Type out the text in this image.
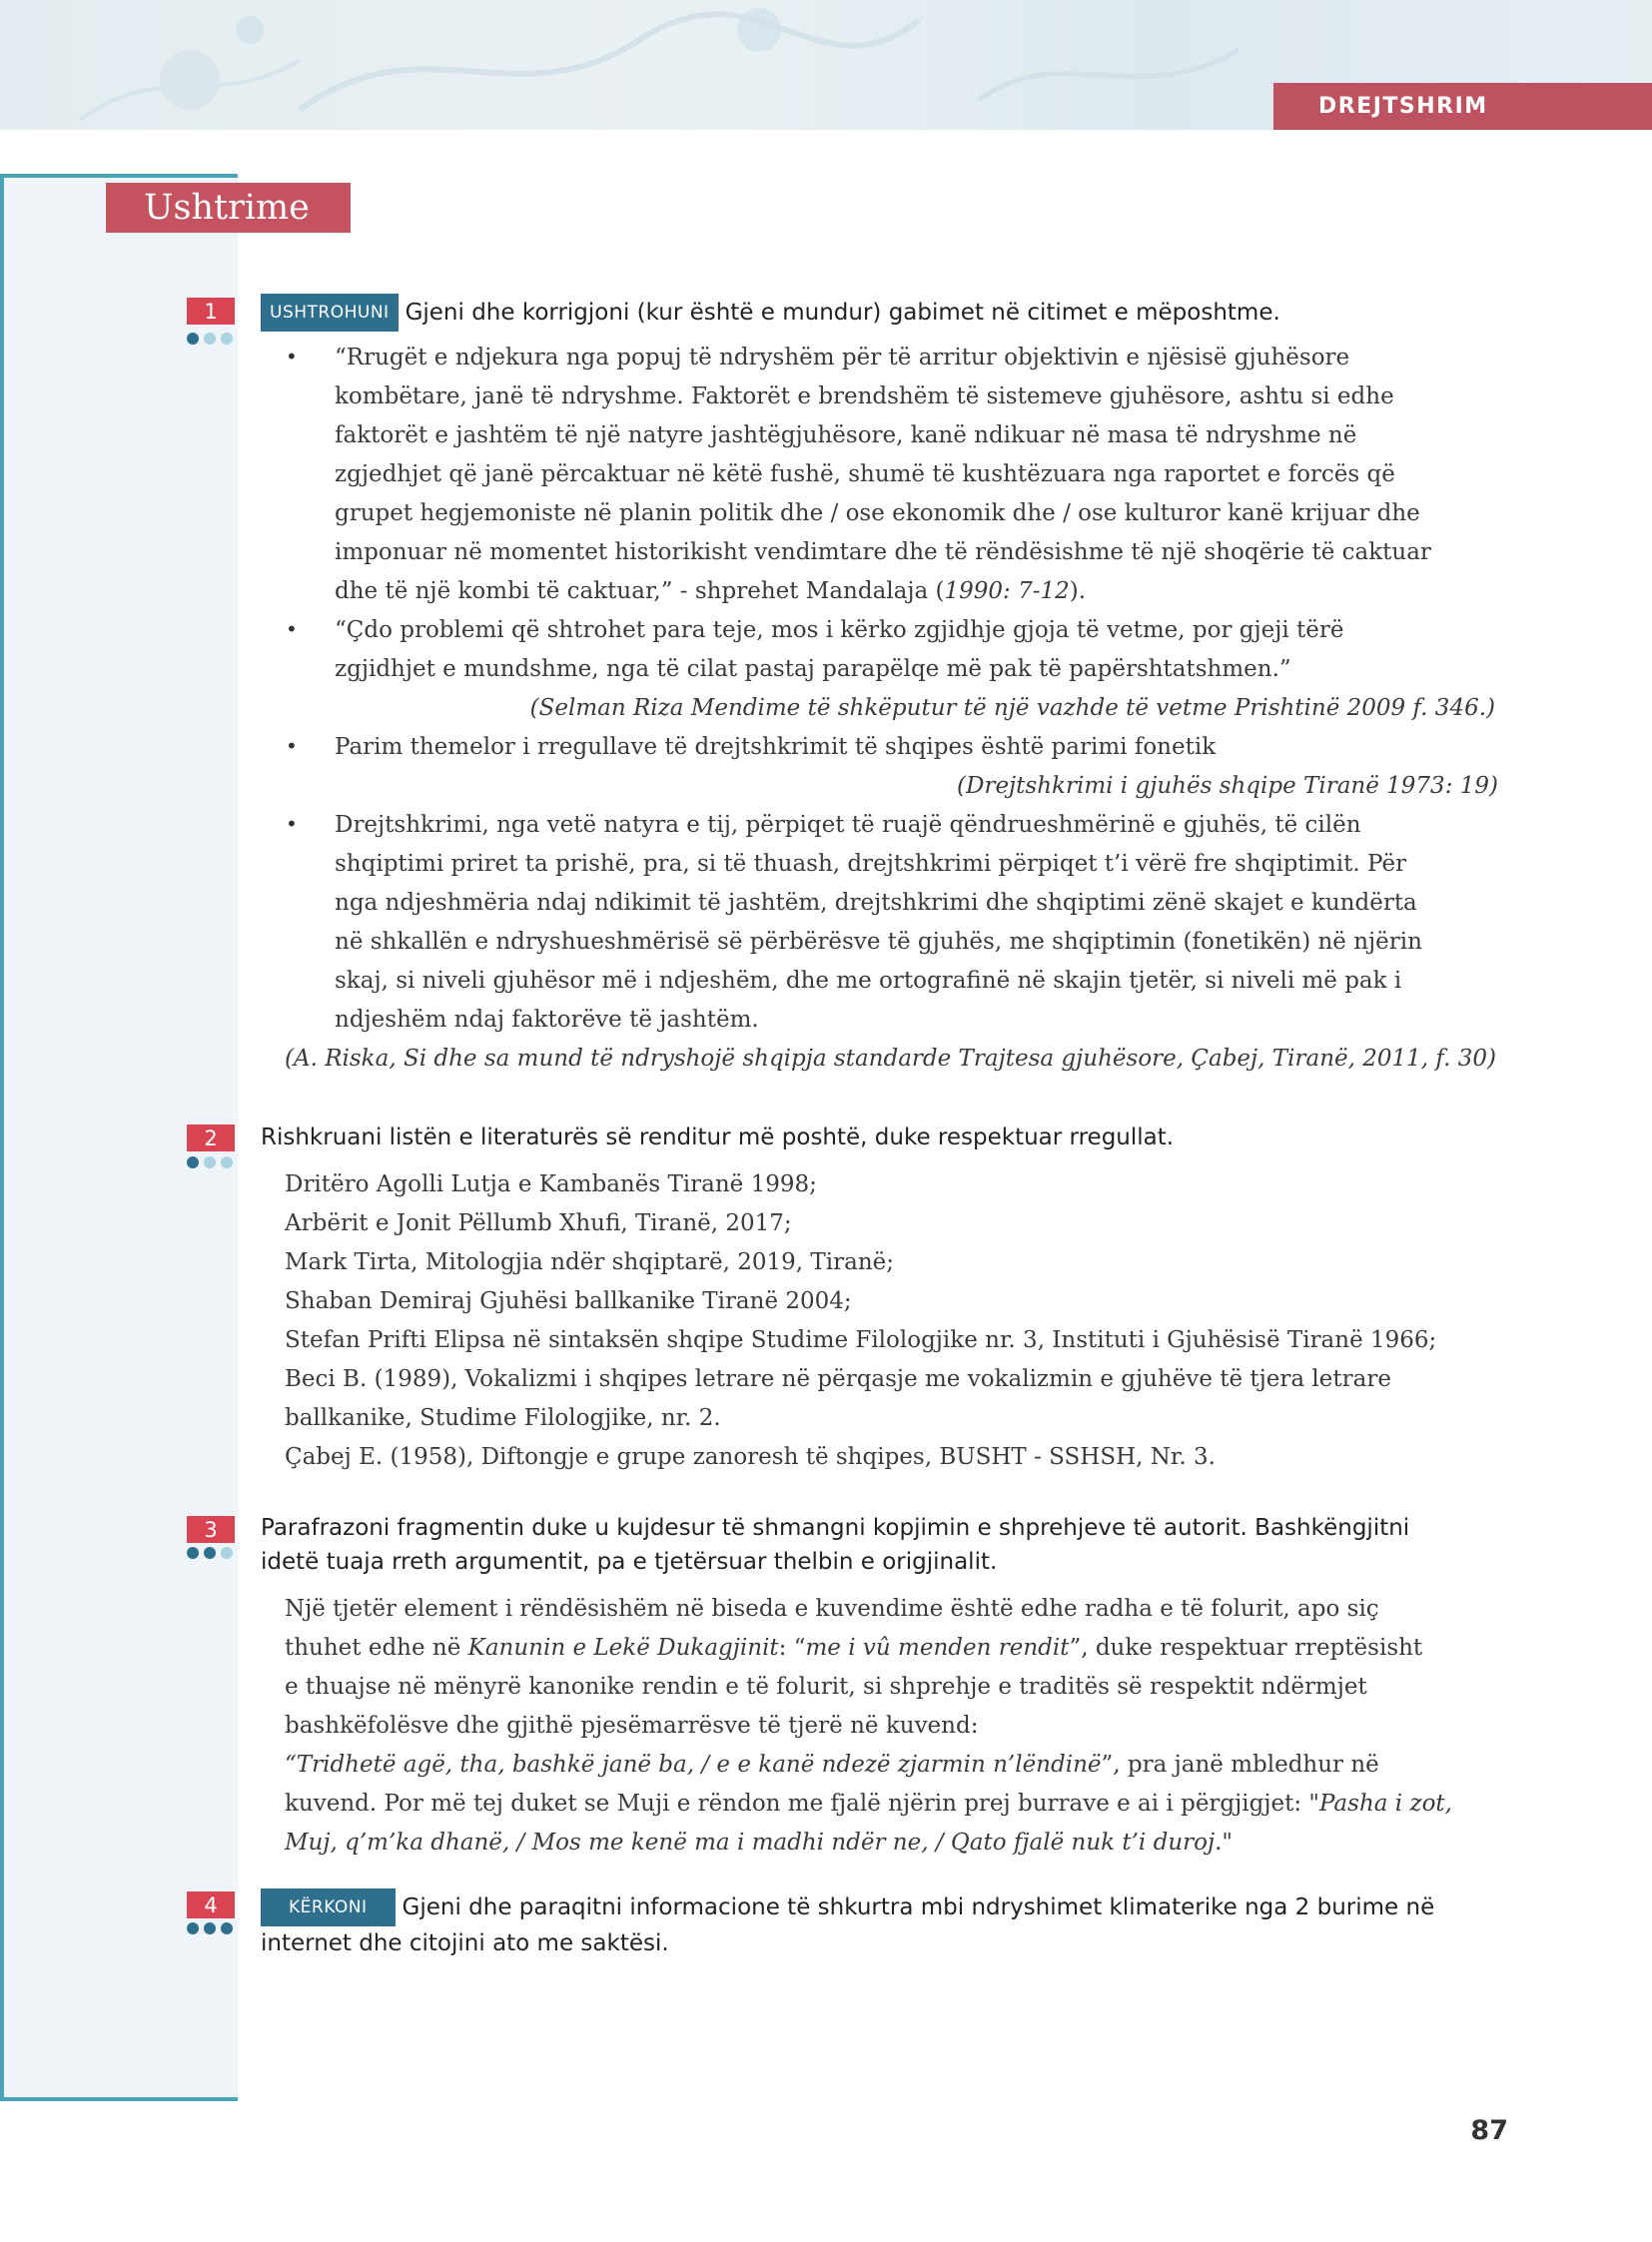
DREJTSHRIM
Ushtrime
1	USHTROHUNI Gjeni dhe korrigjoni (kur është e mundur) gabimet në citimet e mëposhtme.
• “Rrugët e ndjekura nga popuj të ndryshëm për të arritur objektivin e njësisë gjuhësore
kombëtare, janë të ndryshme. Faktorët e brendshëm të sistemeve gjuhësore, ashtu si edhe
faktorët e jashtëm të një natyre jashtëgjuhësore, kanë ndikuar në masa të ndryshme në
zgjedhjet që janë përcaktuar në këtë fushë, shumë të kushtëzuara nga raportet e forcës që
grupet hegjemoniste në planin politik dhe / ose ekonomik dhe / ose kulturor kanë krijuar dhe
imponuar në momentet historikisht vendimtare dhe të rëndësishme të një shoqërie të caktuar
dhe të një kombi të caktuar,” - shprehet Mandalaja (1990: 7-12).
• “Çdo problemi që shtrohet para teje, mos i kërko zgjidhje gjoja të vetme, por gjeji tërë
zgjidhjet e mundshme, nga të cilat pastaj parapëlqe më pak të papërshtatshmen.”
(Selman Riza Mendime të shkëputur të një vazhde të vetme Prishtinë 2009 f. 346.)
• Parim themelor i rregullave të drejtshkrimit të shqipes është parimi fonetik
(Drejtshkrimi i gjuhës shqipe Tiranë 1973: 19)
• Drejtshkrimi, nga vetë natyra e tij, përpiqet të ruajë qëndrueshmërinë e gjuhës, të cilën
shqiptimi priret ta prishë, pra, si të thuash, drejtshkrimi përpiqet t’i vërë fre shqiptimit. Për
nga ndjeshmëria ndaj ndikimit të jashtëm, drejtshkrimi dhe shqiptimi zënë skajet e kundërta
në shkallën e ndryshueshmërisë së përbërësve të gjuhës, me shqiptimin (fonetikën) në njërin
skaj, si niveli gjuhësor më i ndjeshëm, dhe me ortografinë në skajin tjetër, si niveli më pak i
ndjeshëm ndaj faktorëve të jashtëm.
(A. Riska, Si dhe sa mund të ndryshojë shqipja standarde Trajtesa gjuhësore, Çabej, Tiranë, 2011, f. 30)
2 Rishkruani listën e literaturës së renditur më poshtë, duke respektuar rregullat.
Dritëro Agolli Lutja e Kambanës Tiranë 1998;
Arbërit e Jonit Pëllumb Xhufi, Tiranë, 2017;
Mark Tirta, Mitologjia ndër shqiptarë, 2019, Tiranë;
Shaban Demiraj Gjuhësi ballkanike Tiranë 2004;
Stefan Prifti Elipsa në sintaksën shqipe Studime Filologjike nr. 3, Instituti i Gjuhësisë Tiranë 1966;
Beci B. (1989), Vokalizmi i shqipes letrare në përqasje me vokalizmin e gjuhëve të tjera letrare
ballkanike, Studime Filologjike, nr. 2.
Çabej E. (1958), Diftongje e grupe zanoresh të shqipes, BUSHT - SSHSH, Nr. 3.
3 Parafrazoni fragmentin duke u kujdesur të shmangni kopjimin e shprehjeve të autorit. Bashkëngjitni
idetë tuaja rreth argumentit, pa e tjetërsuar thelbin e origjinalit.
Një tjetër element i rëndësishëm në biseda e kuvendime është edhe radha e të folurit, apo siç
thuhet edhe në Kanunin e Lekë Dukagjinit: “me i vû menden rendit”, duke respektuar rreptësisht
e thuajse në mënyrë kanonike rendin e të folurit, si shprehje e traditës së respektit ndërmjet
bashkëfolësve dhe gjithë pjesëmarrësve të tjerë në kuvend:
“Tridhetë agë, tha, bashkë janë ba, / e e kanë ndezë zjarmin n’lëndinë”, pra janë mbledhur në
kuvend. Por më tej duket se Muji e rëndon me fjalë njërin prej burrave e ai i përgjigjet: "Pasha i zot,
Muj, q’m’ka dhanë, / Mos me kenë ma i madhi ndër ne, / Qato fjalë nuk t’i duroj."
4	KËRKONI Gjeni dhe paraqitni informacione të shkurtra mbi ndryshimet klimaterike nga 2 burime në
internet dhe citojini ato me saktësi.
87
